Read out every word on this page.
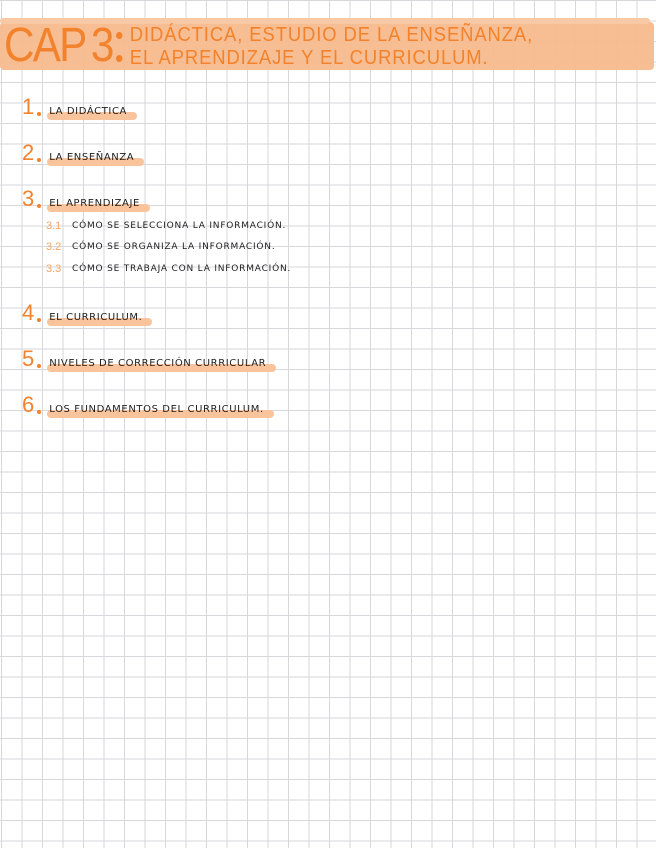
CAP 3 DIDÁCTICA, ESTUDIO DE LA ENSEÑANZA,
EL APRENDIZAJE Y EL CURRICULUM.
1 LA DIDÁCTICA
2 LA ENSEÑANZA
3 EL APRENDIZAJE
3.1	CÓMO SE SELECCIONA LA INFORMACIÓN.
3.2	CÓMO SE ORGANIZA LA INFORMACIÓN.
3.3	CÓMO SE TRABAJA CON LA INFORMACIÓN.
4 EL CURRICULUM.
5 NIVELES DE CORRECCIÓN CURRICULAR
6 LOS FUNDAMENTOS DEL CURRICULUM.
